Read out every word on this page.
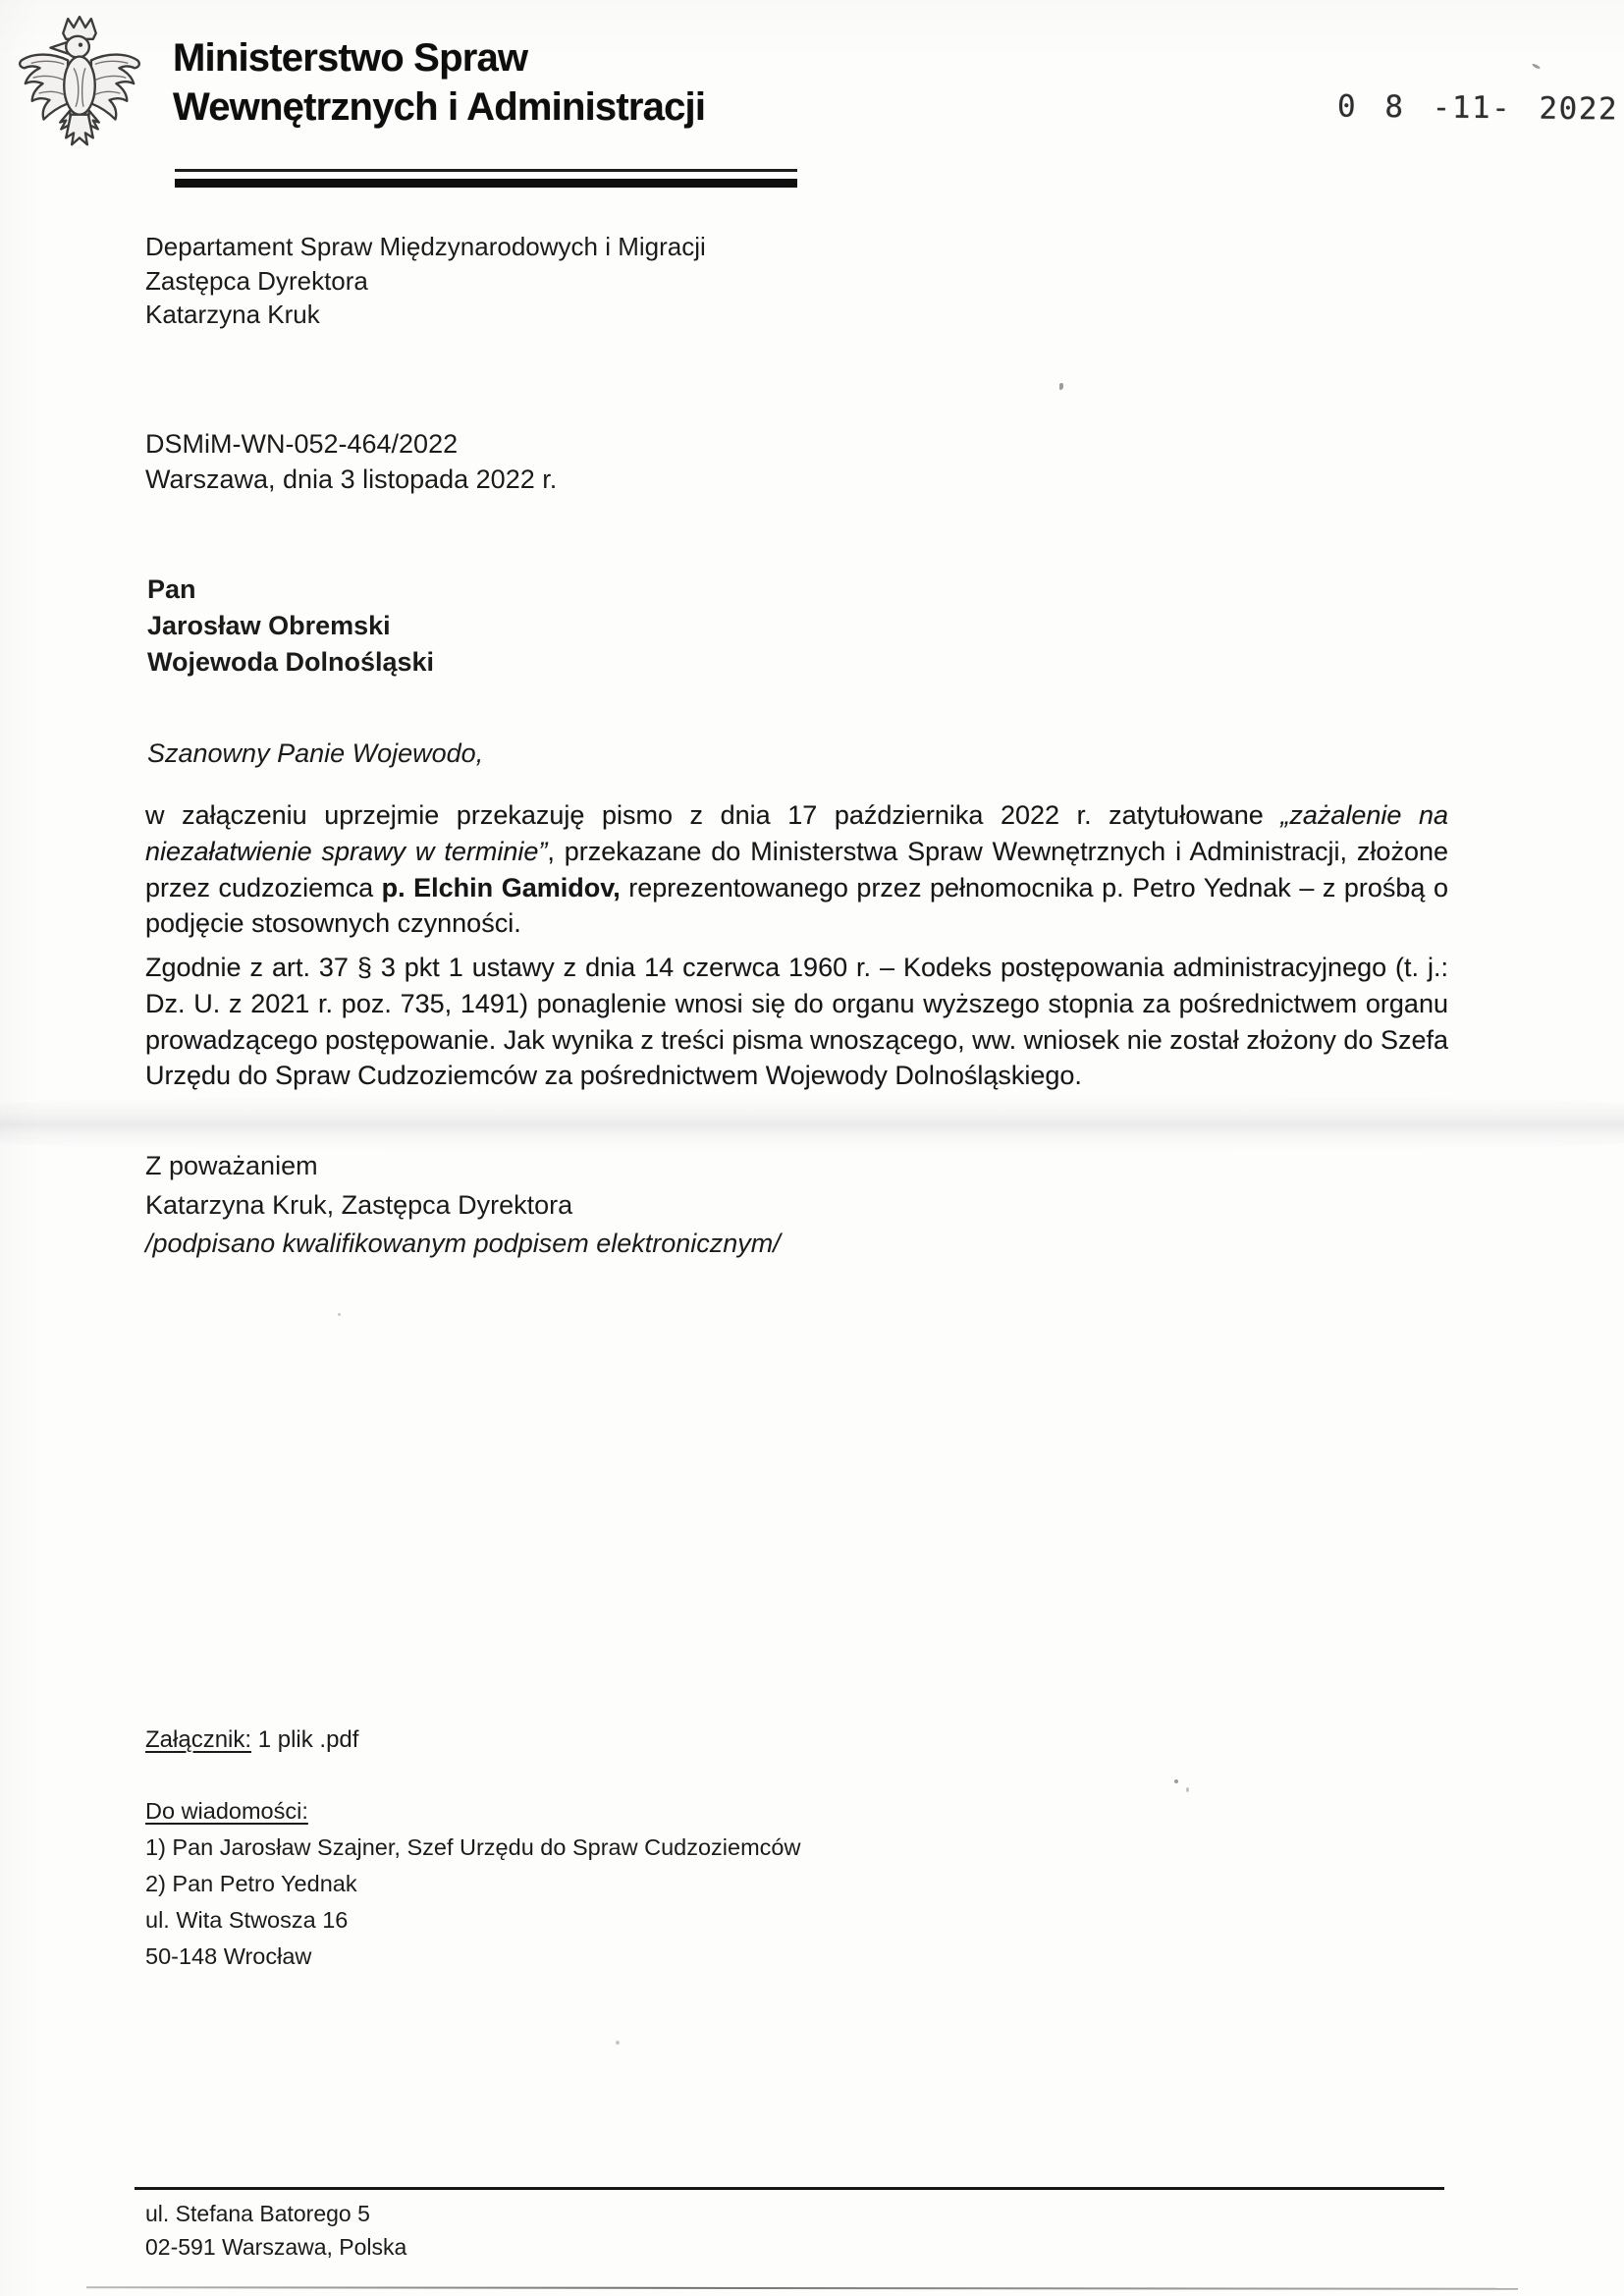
Ministerstwo Spraw
Wewnętrznych i Administracji	0 8 -11- 2022
Departament Spraw Międzynarodowych i Migracji
Zastępca Dyrektora
Katarzyna Kruk
DSMiM-WN-052-464/2022
Warszawa, dnia 3 listopada 2022 r.
Pan
Jarosław Obremski
Wojewoda Dolnośląski
Szanowny Panie Wojewodo,
w załączeniu uprzejmie przekazuję pismo z dnia 17 października 2022 r. zatytułowane „zażalenie na niezałatwienie sprawy w terminie”, przekazane do Ministerstwa Spraw Wewnętrznych i Administracji, złożone przez cudzoziemca p. Elchin Gamidov, reprezentowanego przez pełnomocnika p. Petro Yednak – z prośbą o podjęcie stosownych czynności.
Zgodnie z art. 37 § 3 pkt 1 ustawy z dnia 14 czerwca 1960 r. – Kodeks postępowania administracyjnego (t. j.: Dz. U. z 2021 r. poz. 735, 1491) ponaglenie wnosi się do organu wyższego stopnia za pośrednictwem organu prowadzącego postępowanie. Jak wynika z treści pisma wnoszącego, ww. wniosek nie został złożony do Szefa Urzędu do Spraw Cudzoziemców za pośrednictwem Wojewody Dolnośląskiego.
Z poważaniem
Katarzyna Kruk, Zastępca Dyrektora
/podpisano kwalifikowanym podpisem elektronicznym/
Załącznik: 1 plik .pdf
Do wiadomości:
1) Pan Jarosław Szajner, Szef Urzędu do Spraw Cudzoziemców
2) Pan Petro Yednak
ul. Wita Stwosza 16
50-148 Wrocław
ul. Stefana Batorego 5
02-591 Warszawa, Polska
